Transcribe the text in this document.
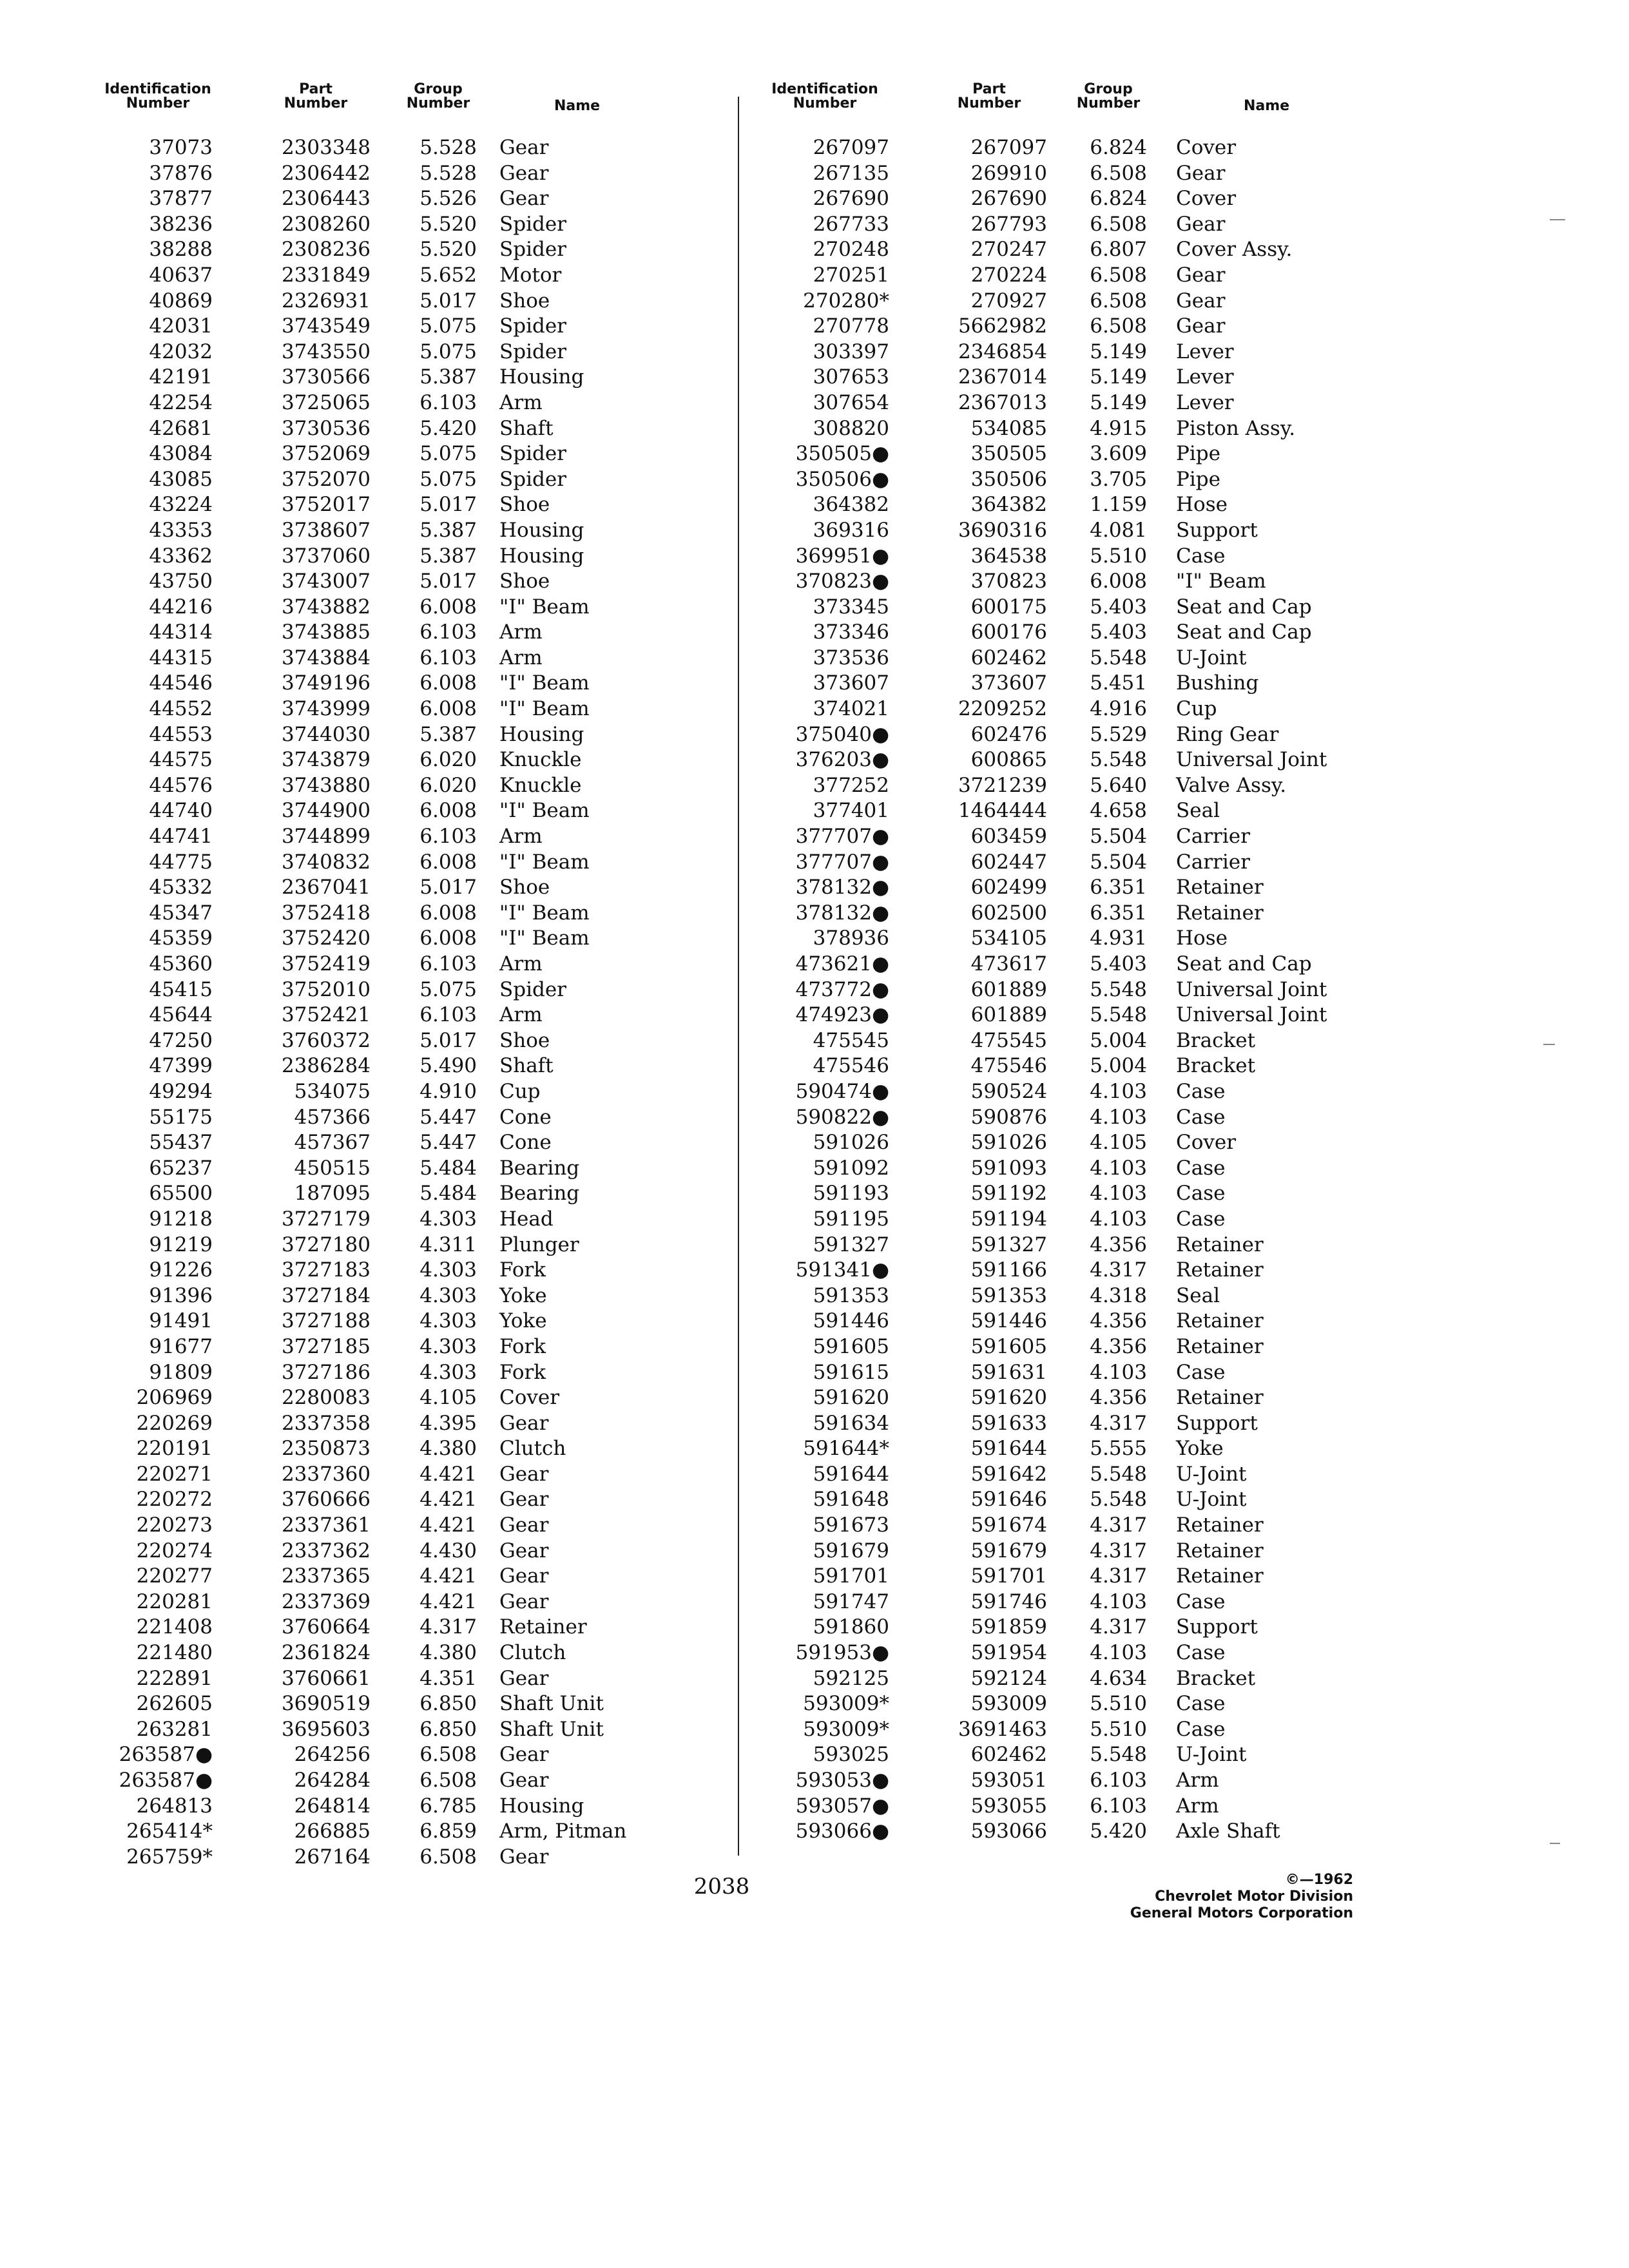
Identification
Number
Part
Number
Group
Number	Name
37073	2303348	5.528 Gear
37876	2306442	5.528 Gear
37877	2306443	5.526 Gear
38236	2308260	5.520 Spider
38288	2308236	5.520 Spider
40637	2331849	5.652 Motor
40869	2326931	5.017 Shoe
42031	3743549	5.075 Spider
42032	3743550	5.075 Spider
42191	3730566	5.387 Housing
42254	3725065	6.103 Arm
42681	3730536	5.420 Shaft
43084	3752069	5.075 Spider
43085	3752070	5.075 Spider
43224	3752017	5.017 Shoe
43353	3738607	5.387 Housing
43362	3737060	5.387 Housing
43750	3743007	5.017 Shoe
44216	3743882	6.008 "I" Beam
44314	3743885	6.103 Arm
44315	3743884	6.103 Arm
44546	3749196	6.008 "I" Beam
44552	3743999	6.008 "I" Beam
44553	3744030	5.387 Housing
44575	3743879	6.020 Knuckle
44576	3743880	6.020 Knuckle
44740	3744900	6.008 "I" Beam
44741	3744899	6.103 Arm
44775	3740832	6.008 "I" Beam
45332	2367041	5.017 Shoe
45347	3752418	6.008 "I" Beam
45359	3752420	6.008 "I" Beam
45360	3752419	6.103 Arm
45415	3752010	5.075 Spider
45644	3752421	6.103 Arm
47250	3760372	5.017 Shoe
47399	2386284	5.490 Shaft
49294	534075	4.910 Cup
55175	457366	5.447 Cone
55437	457367	5.447 Cone
65237	450515	5.484 Bearing
65500	187095	5.484 Bearing
91218	3727179	4.303 Head
91219	3727180	4.311 Plunger
91226	3727183	4.303 Fork
91396	3727184	4.303 Yoke
91491	3727188	4.303 Yoke
91677	3727185	4.303 Fork
91809	3727186	4.303 Fork
206969	2280083	4.105 Cover
220269	2337358	4.395 Gear
220191	2350873	4.380 Clutch
220271	2337360	4.421 Gear
220272	3760666	4.421 Gear
220273	2337361	4.421 Gear
220274	2337362	4.430 Gear
220277	2337365	4.421 Gear
220281	2337369	4.421 Gear
221408	3760664	4.317 Retainer
221480	2361824	4.380 Clutch
222891	3760661	4.351 Gear
262605	3690519	6.850 Shaft Unit
263281	3695603	6.850 Shaft Unit
263587●	264256	6.508 Gear
263587●	264284	6.508 Gear
264813	264814	6.785 Housing
265414*	266885	6.859 Arm, Pitman
265759*	267164	6.508 Gear
Identification
Number
Part
Number
Group
Number	Name
267097	267097	6.824 Cover
267135	269910	6.508 Gear
267690	267690	6.824 Cover
267733	267793	6.508 Gear
270248	270247	6.807 Cover Assy.
270251	270224	6.508 Gear
270280*	270927	6.508 Gear
270778	5662982	6.508 Gear
303397	2346854	5.149 Lever
307653	2367014	5.149 Lever
307654	2367013	5.149 Lever
308820	534085	4.915 Piston Assy.
350505●	350505	3.609 Pipe
350506●	350506	3.705 Pipe
364382	364382	1.159 Hose
369316	3690316	4.081 Support
369951●	364538	5.510 Case
370823●	370823	6.008 "I" Beam
373345	600175	5.403 Seat and Cap
373346	600176	5.403 Seat and Cap
373536	602462	5.548 U-Joint
373607	373607	5.451 Bushing
374021	2209252	4.916 Cup
375040●	602476	5.529 Ring Gear
376203●	600865	5.548 Universal Joint
377252	3721239	5.640 Valve Assy.
377401	1464444	4.658 Seal
377707●	603459	5.504 Carrier
377707●	602447	5.504 Carrier
378132●	602499	6.351 Retainer
378132●	602500	6.351 Retainer
378936	534105	4.931 Hose
473621●	473617	5.403 Seat and Cap
473772●	601889	5.548 Universal Joint
474923●	601889	5.548 Universal Joint
475545	475545	5.004 Bracket
475546	475546	5.004 Bracket
590474●	590524	4.103 Case
590822●	590876	4.103 Case
591026	591026	4.105 Cover
591092	591093	4.103 Case
591193	591192	4.103 Case
591195	591194	4.103 Case
591327	591327	4.356 Retainer
591341●	591166	4.317 Retainer
591353	591353	4.318 Seal
591446	591446	4.356 Retainer
591605	591605	4.356 Retainer
591615	591631	4.103 Case
591620	591620	4.356 Retainer
591634	591633	4.317 Support
591644*	591644	5.555 Yoke
591644	591642	5.548 U-Joint
591648	591646	5.548 U-Joint
591673	591674	4.317 Retainer
591679	591679	4.317 Retainer
591701	591701	4.317 Retainer
591747	591746	4.103 Case
591860	591859	4.317 Support
591953●	591954	4.103 Case
592125	592124	4.634 Bracket
593009*	593009	5.510 Case
593009*	3691463	5.510 Case
593025	602462	5.548 U-Joint
593053●	593051	6.103 Arm
593057●	593055	6.103 Arm
593066●	593066	5.420 Axle Shaft
2038	©—1962
Chevrolet Motor Division
General Motors Corporation
